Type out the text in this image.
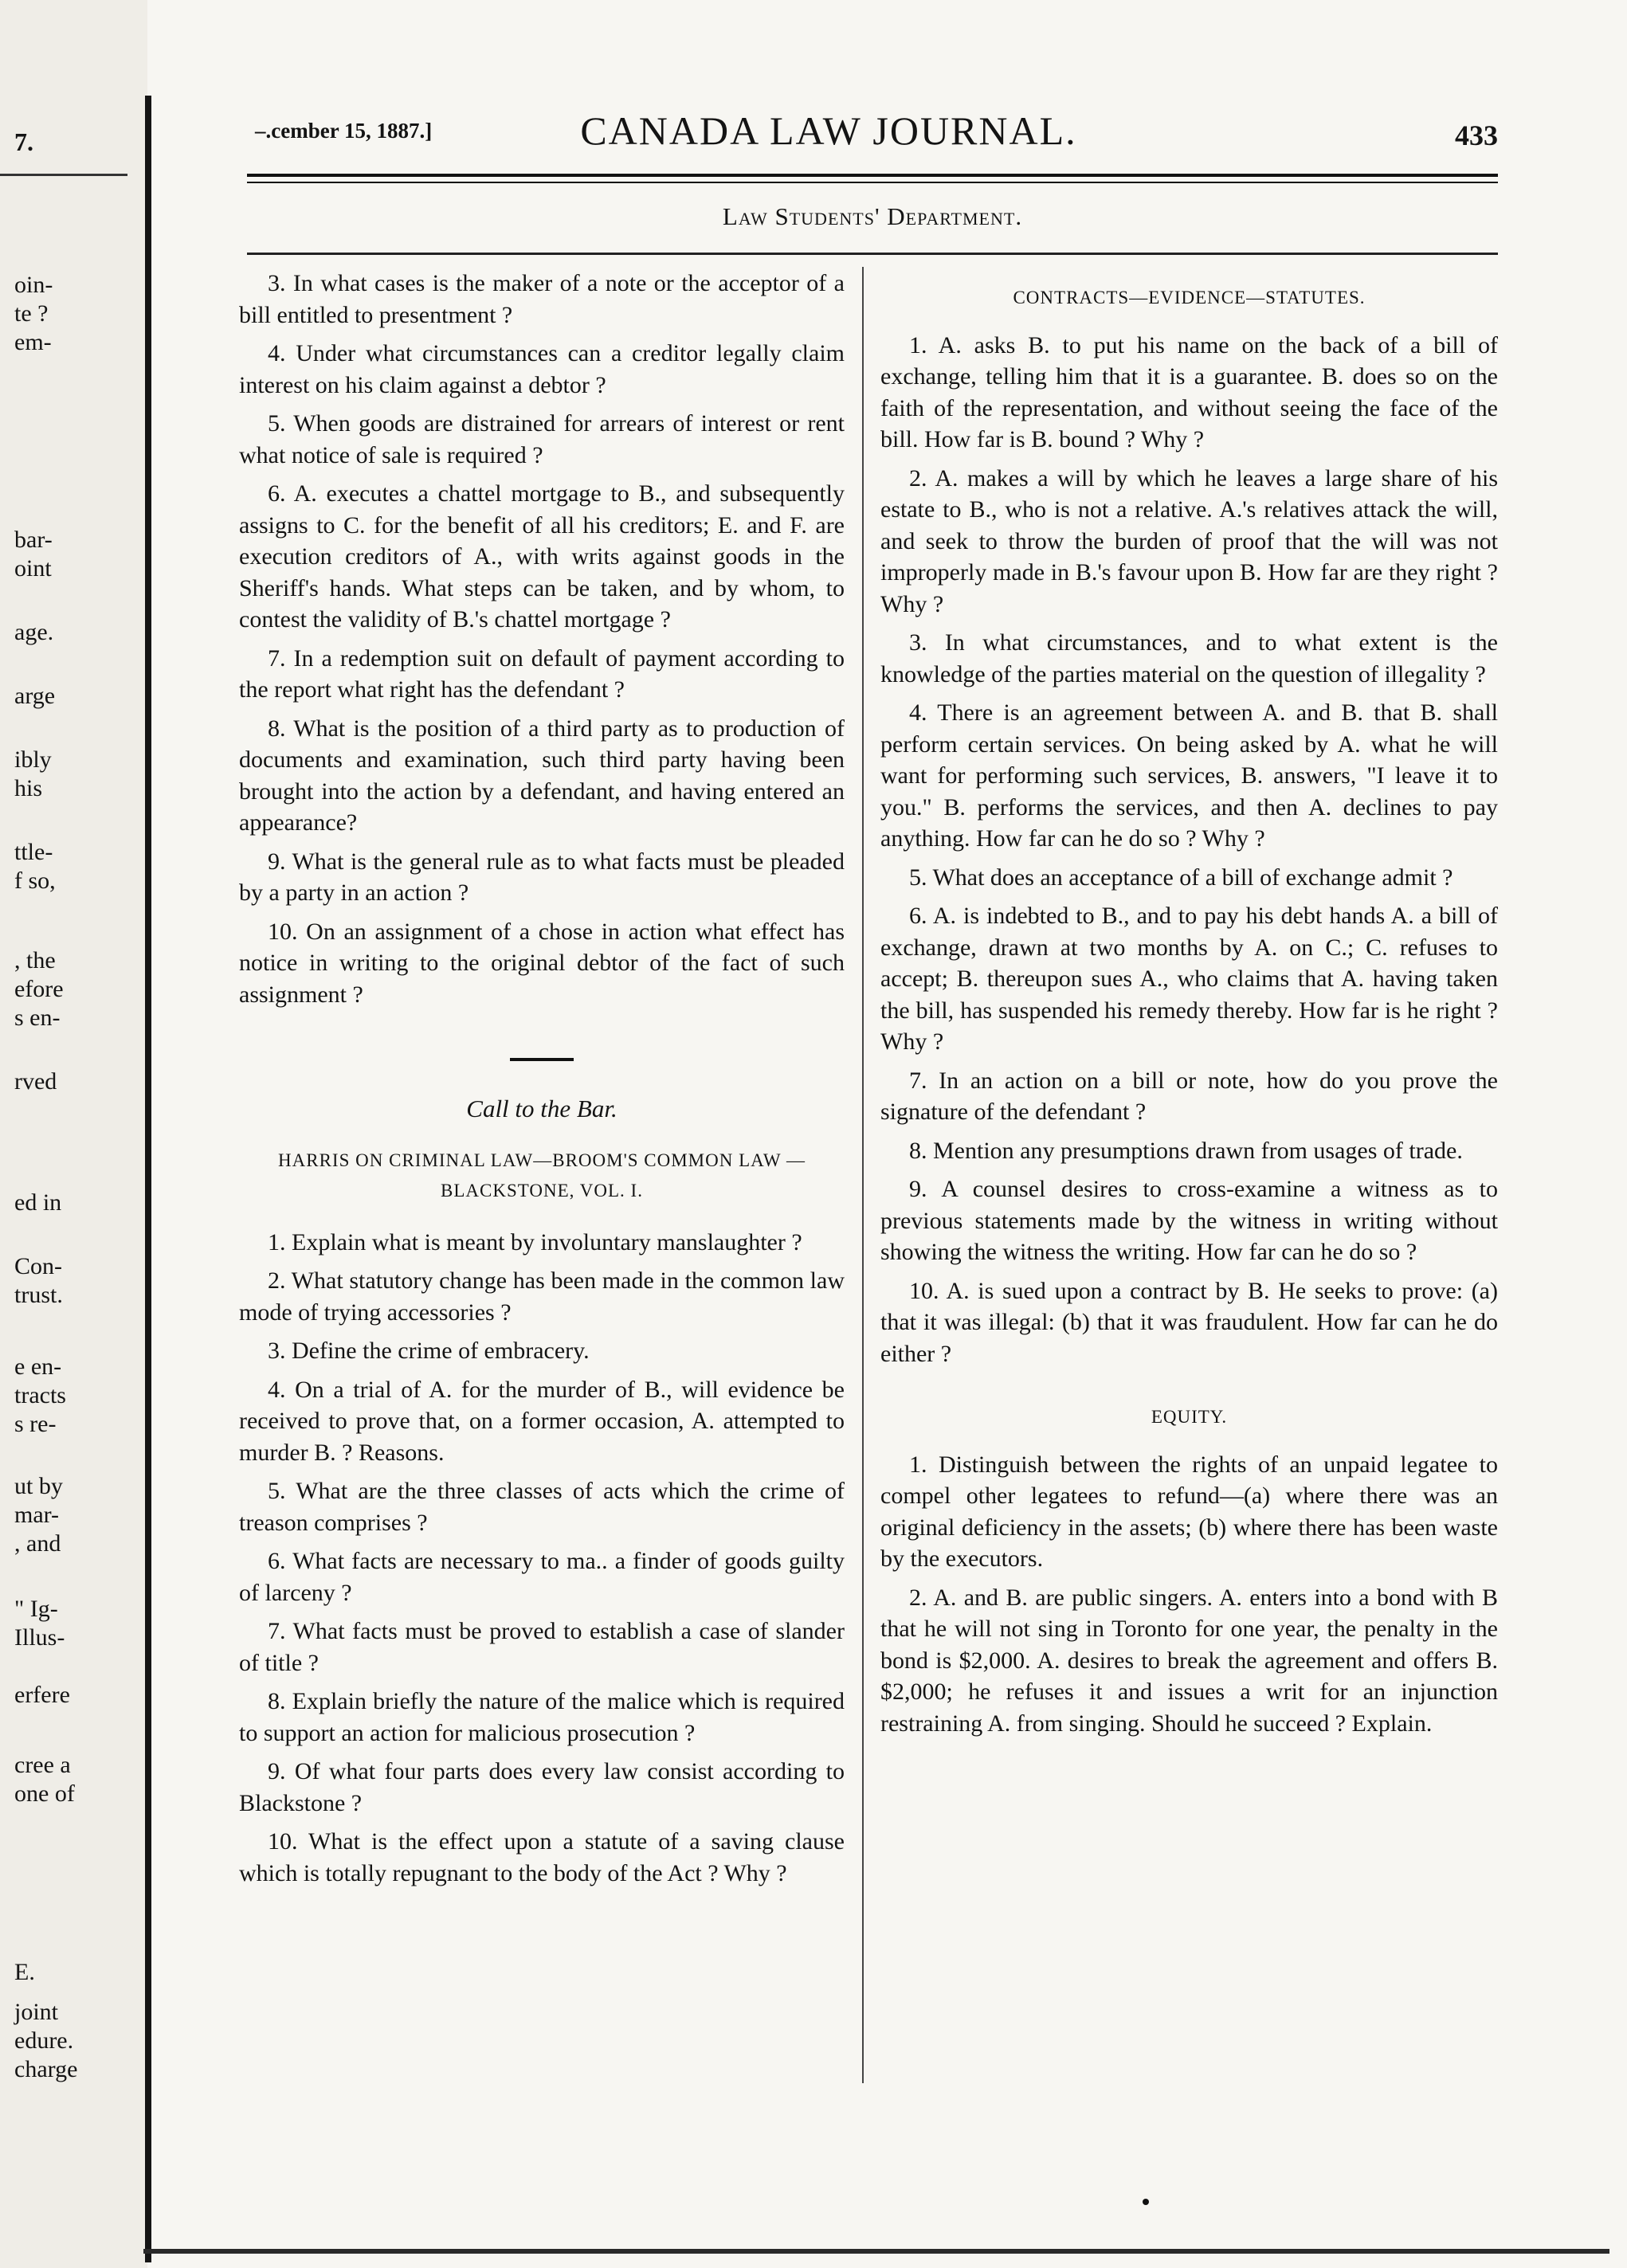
7.
oin-
te ?
em-
bar-
oint
age.
arge
ibly
his
ttle-
f so,
, the
efore
s en-
rved
ed in
Con-
trust.
e en-
tracts
s re-
ut by
mar-
, and
" Ig-
Illus-
erfere
cree a
one of
E.
joint
edure.
charge
‒.cember 15, 1887.]	CANADA LAW JOURNAL.	433
Law Students' Department.

3. In what cases is the maker of a note or the acceptor of a bill entitled to presentment ?

4. Under what circumstances can a creditor legally claim interest on his claim against a debtor ?

5. When goods are distrained for arrears of interest or rent what notice of sale is required ?

6. A. executes a chattel mortgage to B., and subsequently assigns to C. for the benefit of all his creditors; E. and F. are execution creditors of A., with writs against goods in the Sheriff's hands. What steps can be taken, and by whom, to contest the validity of B.'s chattel mortgage ?

7. In a redemption suit on default of payment according to the report what right has the defendant ?

8. What is the position of a third party as to production of documents and examination, such third party having been brought into the action by a defendant, and having entered an appearance?

9. What is the general rule as to what facts must be pleaded by a party in an action ?

10. On an assignment of a chose in action what effect has notice in writing to the original debtor of the fact of such assignment ?

Call to the Bar.
HARRIS ON CRIMINAL LAW—BROOM'S COMMON LAW —BLACKSTONE, VOL. I.

1. Explain what is meant by involuntary manslaughter ?

2. What statutory change has been made in the common law mode of trying accessories ?

3. Define the crime of embracery.

4. On a trial of A. for the murder of B., will evidence be received to prove that, on a former occasion, A. attempted to murder B. ? Reasons.

5. What are the three classes of acts which the crime of treason comprises ?

6. What facts are necessary to ma.. a finder of goods guilty of larceny ?

7. What facts must be proved to establish a case of slander of title ?

8. Explain briefly the nature of the malice which is required to support an action for malicious prosecution ?

9. Of what four parts does every law consist according to Blackstone ?

10. What is the effect upon a statute of a saving clause which is totally repugnant to the body of the Act ? Why ?

CONTRACTS—EVIDENCE—STATUTES.

1. A. asks B. to put his name on the back of a bill of exchange, telling him that it is a guarantee. B. does so on the faith of the representation, and without seeing the face of the bill. How far is B. bound ? Why ?

2. A. makes a will by which he leaves a large share of his estate to B., who is not a relative. A.'s relatives attack the will, and seek to throw the burden of proof that the will was not improperly made in B.'s favour upon B. How far are they right ? Why ?

3. In what circumstances, and to what extent is the knowledge of the parties material on the question of illegality ?

4. There is an agreement between A. and B. that B. shall perform certain services. On being asked by A. what he will want for performing such services, B. answers, "I leave it to you." B. performs the services, and then A. declines to pay anything. How far can he do so ? Why ?

5. What does an acceptance of a bill of exchange admit ?

6. A. is indebted to B., and to pay his debt hands A. a bill of exchange, drawn at two months by A. on C.; C. refuses to accept; B. thereupon sues A., who claims that A. having taken the bill, has suspended his remedy thereby. How far is he right ? Why ?

7. In an action on a bill or note, how do you prove the signature of the defendant ?

8. Mention any presumptions drawn from usages of trade.

9. A counsel desires to cross-examine a witness as to previous statements made by the witness in writing without showing the witness the writing. How far can he do so ?

10. A. is sued upon a contract by B. He seeks to prove: (a) that it was illegal: (b) that it was fraudulent. How far can he do either ?

EQUITY.

1. Distinguish between the rights of an unpaid legatee to compel other legatees to refund—(a) where there was an original deficiency in the assets; (b) where there has been waste by the executors.

2. A. and B. are public singers. A. enters into a bond with B that he will not sing in Toronto for one year, the penalty in the bond is $2,000. A. desires to break the agreement and offers B. $2,000; he refuses it and issues a writ for an injunction restraining A. from singing. Should he succeed ? Explain.
